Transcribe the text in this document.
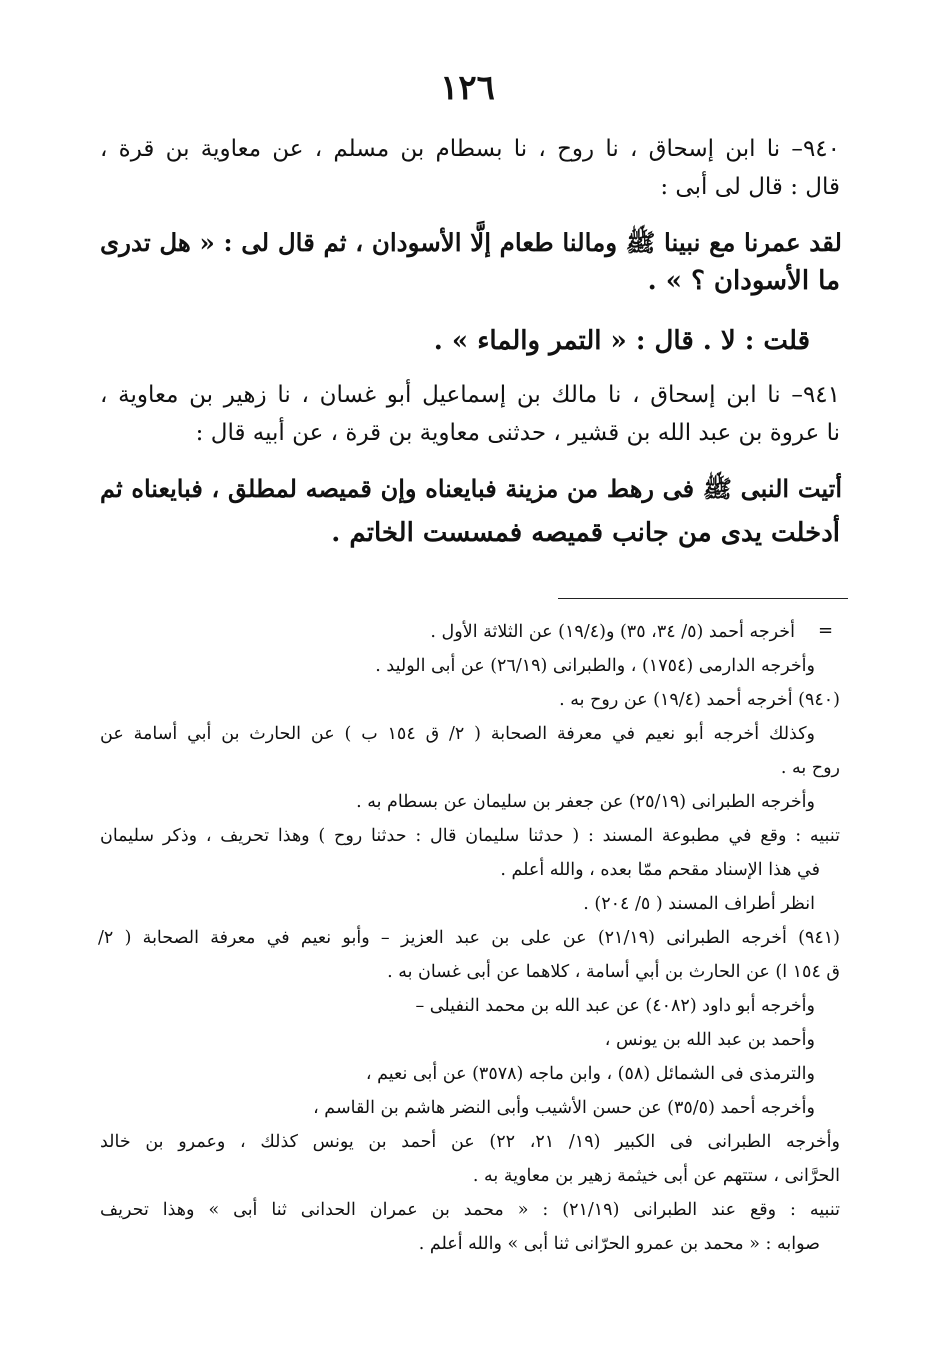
١٢٦
٩٤٠– نا ابن إسحاق ، نا روح ، نا بسطام بن مسلم ، عن معاوية بن قرة ،
قال : قال لى أبى :
لقد عمرنا مع نبينا ﷺ ومالنا طعام إلَّا الأسودان ، ثم قال لى : « هل تدرى
ما الأسودان ؟ » .
قلت : لا . قال : « التمر والماء » .
٩٤١– نا ابن إسحاق ، نا مالك بن إسماعيل أبو غسان ، نا زهير بن معاوية ،
نا عروة بن عبد الله بن قشير ، حدثنى معاوية بن قرة ، عن أبيه قال :
أتيت النبى ﷺ فى رهط من مزينة فبايعناه وإن قميصه لمطلق ، فبايعناه ثم
أدخلت يدى من جانب قميصه فمسست الخاتم .
=
أخرجه أحمد (٥/ ٣٤، ٣٥) و(١٩/٤) عن الثلاثة الأول .
وأخرجه الدارمى (١٧٥٤) ، والطبرانى (٢٦/١٩) عن أبى الوليد .
(٩٤٠) أخرجه أحمد (١٩/٤) عن روح به .
وكذلك أخرجه أبو نعيم في معرفة الصحابة ( ٢/ ق ١٥٤ ب ) عن الحارث بن أبي أسامة عن
روح به .
وأخرجه الطبرانى (٢٥/١٩) عن جعفر بن سليمان عن بسطام به .
تنبيه : وقع في مطبوعة المسند : ( حدثنا سليمان قال : حدثنا روح ) وهذا تحريف ، وذكر سليمان
في هذا الإسناد مقحم ممّا بعده ، والله أعلم .
انظر أطراف المسند ( ٥/ ٢٠٤) .
(٩٤١) أخرجه الطبرانى (٢١/١٩) عن على بن عبد العزيز – وأبو نعيم في معرفة الصحابة ( ٢/
ق ١٥٤ ا) عن الحارث بن أبي أسامة ، كلاهما عن أبى غسان به .
وأخرجه أبو داود (٤٠٨٢) عن عبد الله بن محمد النفيلى –
وأحمد بن عبد الله بن يونس ،
والترمذى فى الشمائل (٥٨) ، وابن ماجه (٣٥٧٨) عن أبى نعيم ،
وأخرجه أحمد (٣٥/٥) عن حسن الأشيب وأبى النضر هاشم بن القاسم ،
وأخرجه الطبرانى فى الكبير (١٩/ ٢١، ٢٢) عن أحمد بن يونس كذلك ، وعمرو بن خالد
الحرَّانى ، ستتهم عن أبى خيثمة زهير بن معاوية به .
تنبيه : وقع عند الطبرانى (٢١/١٩) : « محمد بن عمران الحدانى ثنا أبى » وهذا تحريف
صوابه : « محمد بن عمرو الحرّانى ثنا أبى » والله أعلم .
